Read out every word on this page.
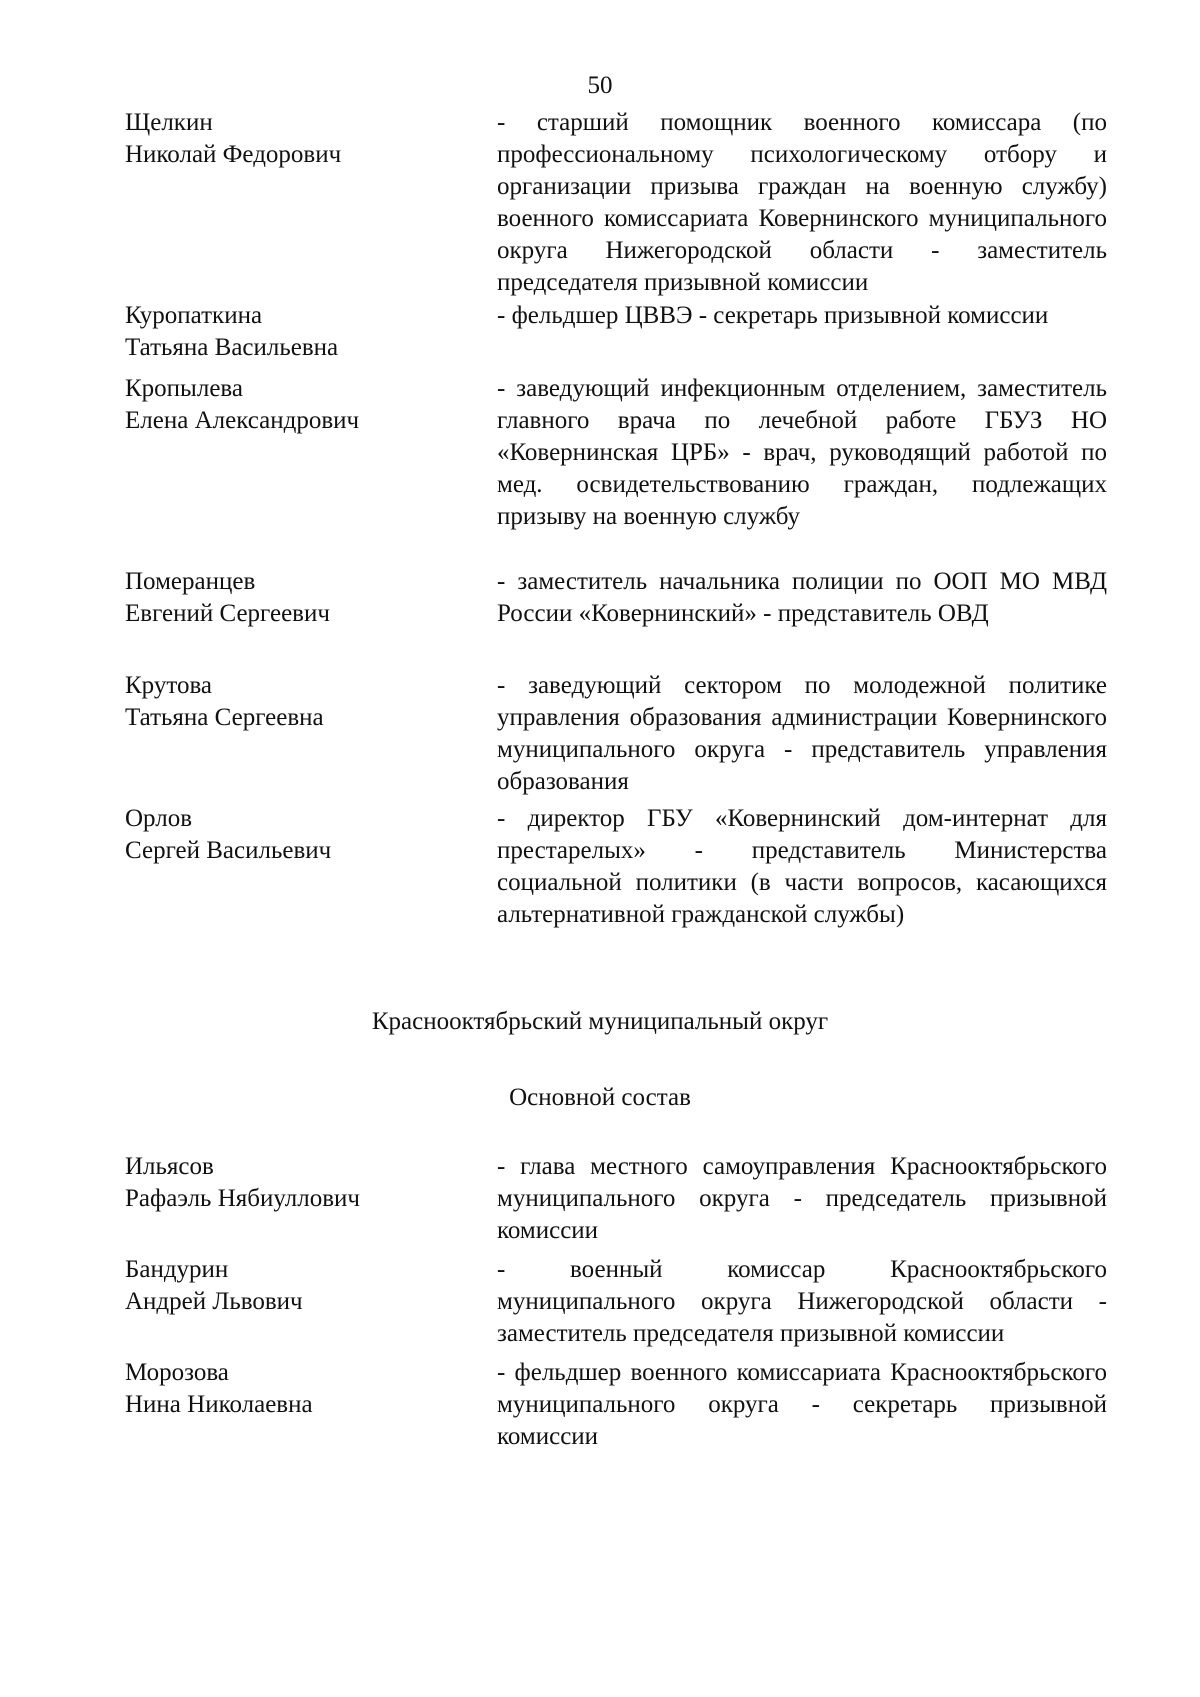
50
Щелкин
Николай Федорович
- старший помощник военного комиссара (по профессиональному психологическому отбору и организации призыва граждан на военную службу) военного комиссариата Ковернинского муниципального округа Нижегородской области - заместитель председателя призывной комиссии
Куропаткина
Татьяна Васильевна
- фельдшер ЦВВЭ - секретарь призывной комиссии
Кропылева
Елена Александрович
- заведующий инфекционным отделением, заместитель главного врача по лечебной работе ГБУЗ НО «Ковернинская ЦРБ» - врач, руководящий работой по мед. освидетельствованию граждан, подлежащих призыву на военную службу
Померанцев
Евгений Сергеевич
- заместитель начальника полиции по ООП МО МВД России «Ковернинский» - представитель ОВД
Крутова
Татьяна Сергеевна
- заведующий сектором по молодежной политике управления образования администрации Ковернинского муниципального округа - представитель управления образования
Орлов
Сергей Васильевич
- директор ГБУ «Ковернинский дом-интернат для престарелых» - представитель Министерства социальной политики (в части вопросов, касающихся альтернативной гражданской службы)
Краснооктябрьский муниципальный округ
Основной состав
Ильясов
Рафаэль Нябиуллович
- глава местного самоуправления Краснооктябрьского муниципального округа - председатель призывной комиссии
Бандурин
Андрей Львович
- военный комиссар Краснооктябрьского муниципального округа Нижегородской области - заместитель председателя призывной комиссии
Морозова
Нина Николаевна
- фельдшер военного комиссариата Краснооктябрьского муниципального округа - секретарь призывной комиссии
